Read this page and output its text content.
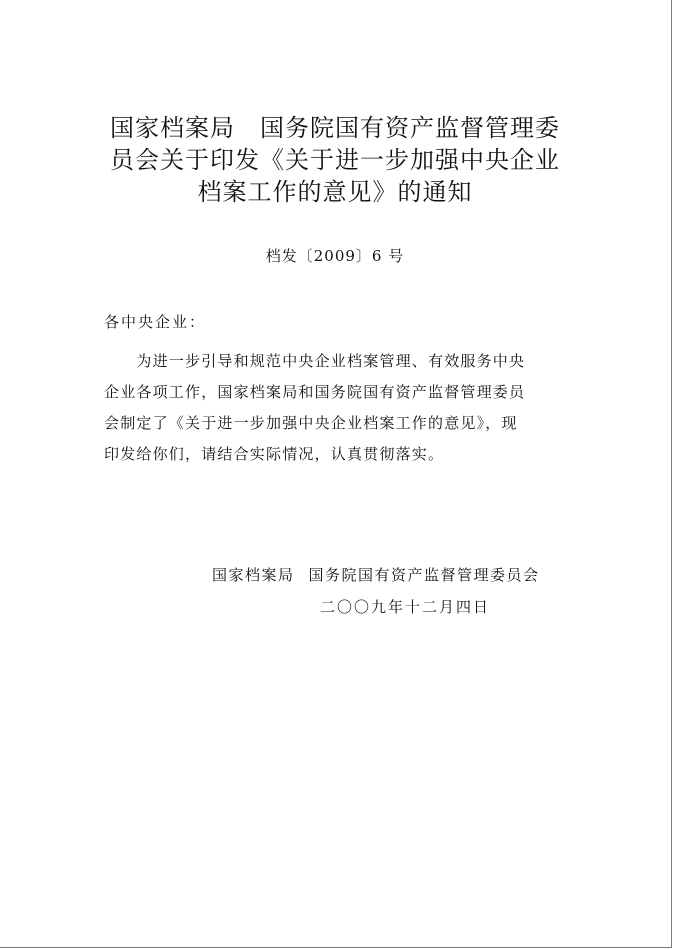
国家档案局　国务院国有资产监督管理委
员会关于印发《关于进一步加强中央企业
档案工作的意见》的通知
档发〔2009〕6 号
各中央企业：
　　为进一步引导和规范中央企业档案管理、有效服务中央
企业各项工作，国家档案局和国务院国有资产监督管理委员
会制定了《关于进一步加强中央企业档案工作的意见》，现
印发给你们，请结合实际情况，认真贯彻落实。
国家档案局 国务院国有资产监督管理委员会
二〇〇九年十二月四日
